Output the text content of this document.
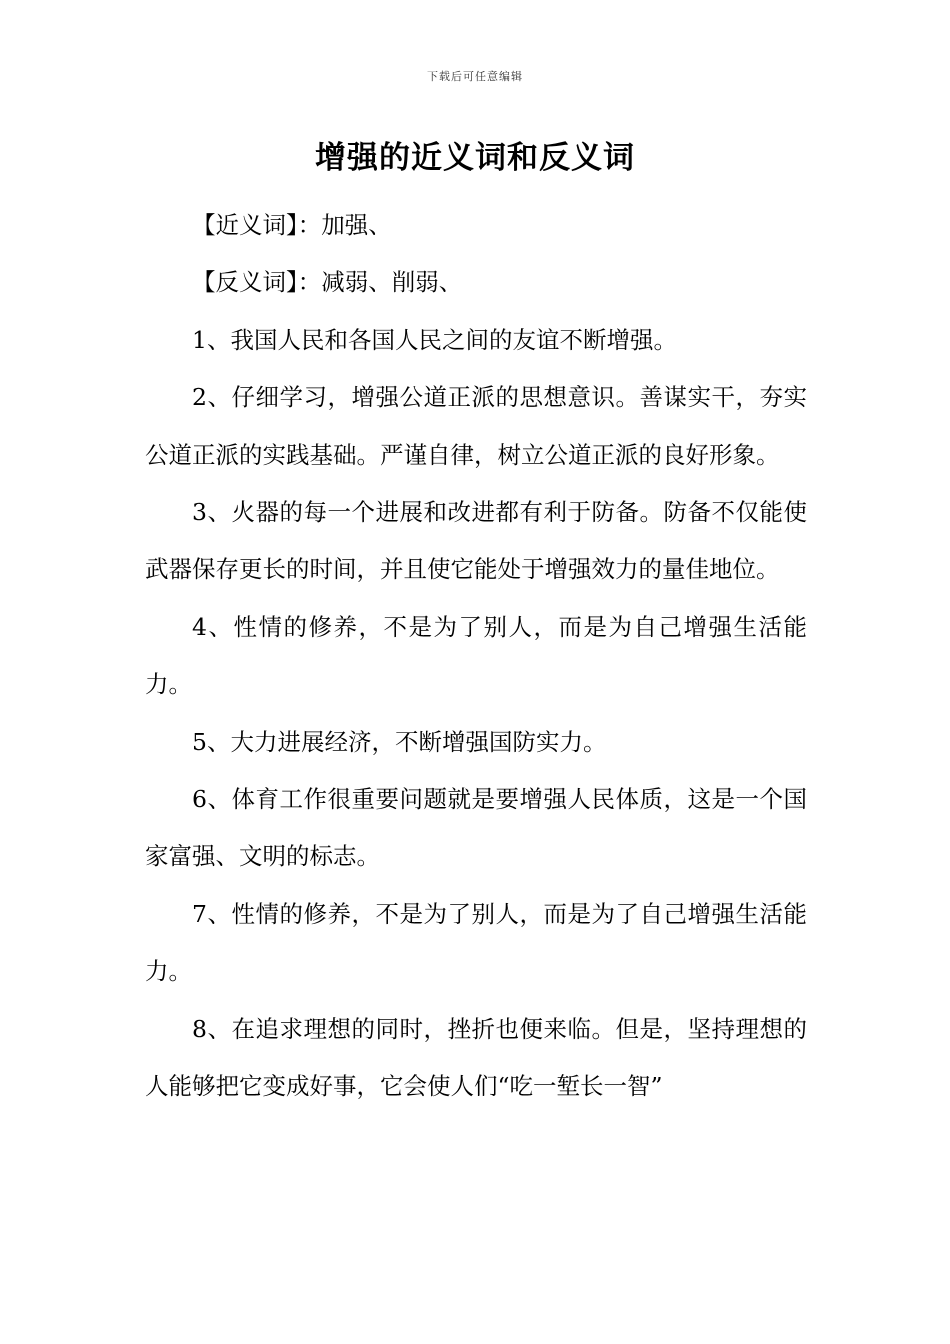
下载后可任意编辑
增强的近义词和反义词

【近义词】：加强、

【反义词】：减弱、削弱、

1、我国人民和各国人民之间的友谊不断增强。

2、仔细学习，增强公道正派的思想意识。善谋实干，夯实公道正派的实践基础。严谨自律，树立公道正派的良好形象。

3、火器的每一个进展和改进都有利于防备。防备不仅能使武器保存更长的时间，并且使它能处于增强效力的量佳地位。

4、性情的修养，不是为了别人，而是为自己增强生活能力。

5、大力进展经济，不断增强国防实力。

6、体育工作很重要问题就是要增强人民体质，这是一个国家富强、文明的标志。

7、性情的修养，不是为了别人，而是为了自己增强生活能力。

8、在追求理想的同时，挫折也便来临。但是，坚持理想的人能够把它变成好事，它会使人们“吃一堑长一智”
